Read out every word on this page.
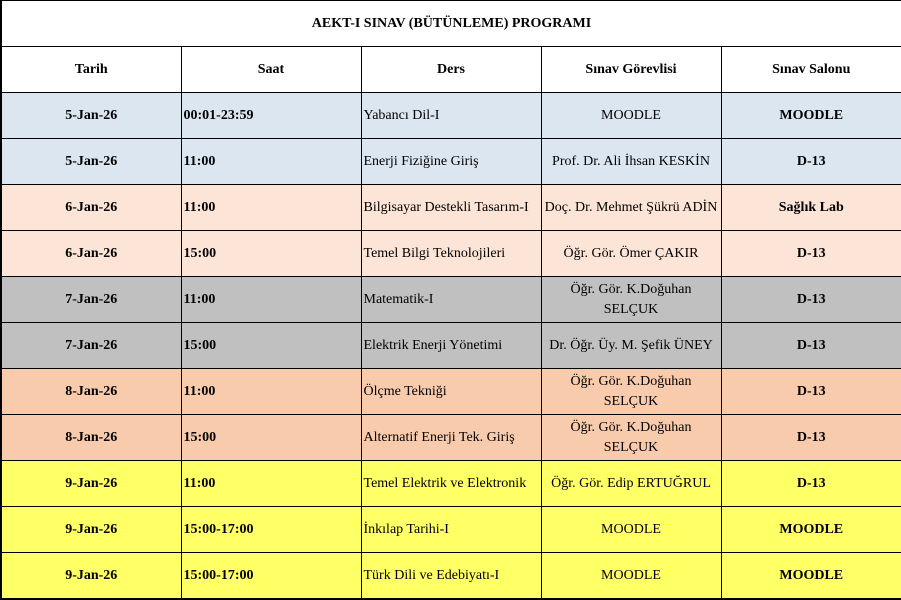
AEKT-I SINAV (BÜTÜNLEME) PROGRAMI				
Tarih	Saat	Ders	Sınav Görevlisi	Sınav Salonu
5-Jan-26	00:01-23:59	Yabancı Dil-I	MOODLE	MOODLE
5-Jan-26	11:00	Enerji Fiziğine Giriş	Prof. Dr. Ali İhsan KESKİN	D-13
6-Jan-26	11:00	Bilgisayar Destekli Tasarım-I	Doç. Dr. Mehmet Şükrü ADİN	Sağlık Lab
6-Jan-26	15:00	Temel Bilgi Teknolojileri	Öğr. Gör. Ömer ÇAKIR	D-13
7-Jan-26	11:00	Matematik-I	Öğr. Gör. K.Doğuhan SELÇUK	D-13
7-Jan-26	15:00	Elektrik Enerji Yönetimi	Dr. Öğr. Üy. M. Şefik ÜNEY	D-13
8-Jan-26	11:00	Ölçme Tekniği	Öğr. Gör. K.Doğuhan SELÇUK	D-13
8-Jan-26	15:00	Alternatif Enerji Tek. Giriş	Öğr. Gör. K.Doğuhan SELÇUK	D-13
9-Jan-26	11:00	Temel Elektrik ve Elektronik	Öğr. Gör. Edip ERTUĞRUL	D-13
9-Jan-26	15:00-17:00	İnkılap Tarihi-I	MOODLE	MOODLE
9-Jan-26	15:00-17:00	Türk Dili ve Edebiyatı-I	MOODLE	MOODLE
